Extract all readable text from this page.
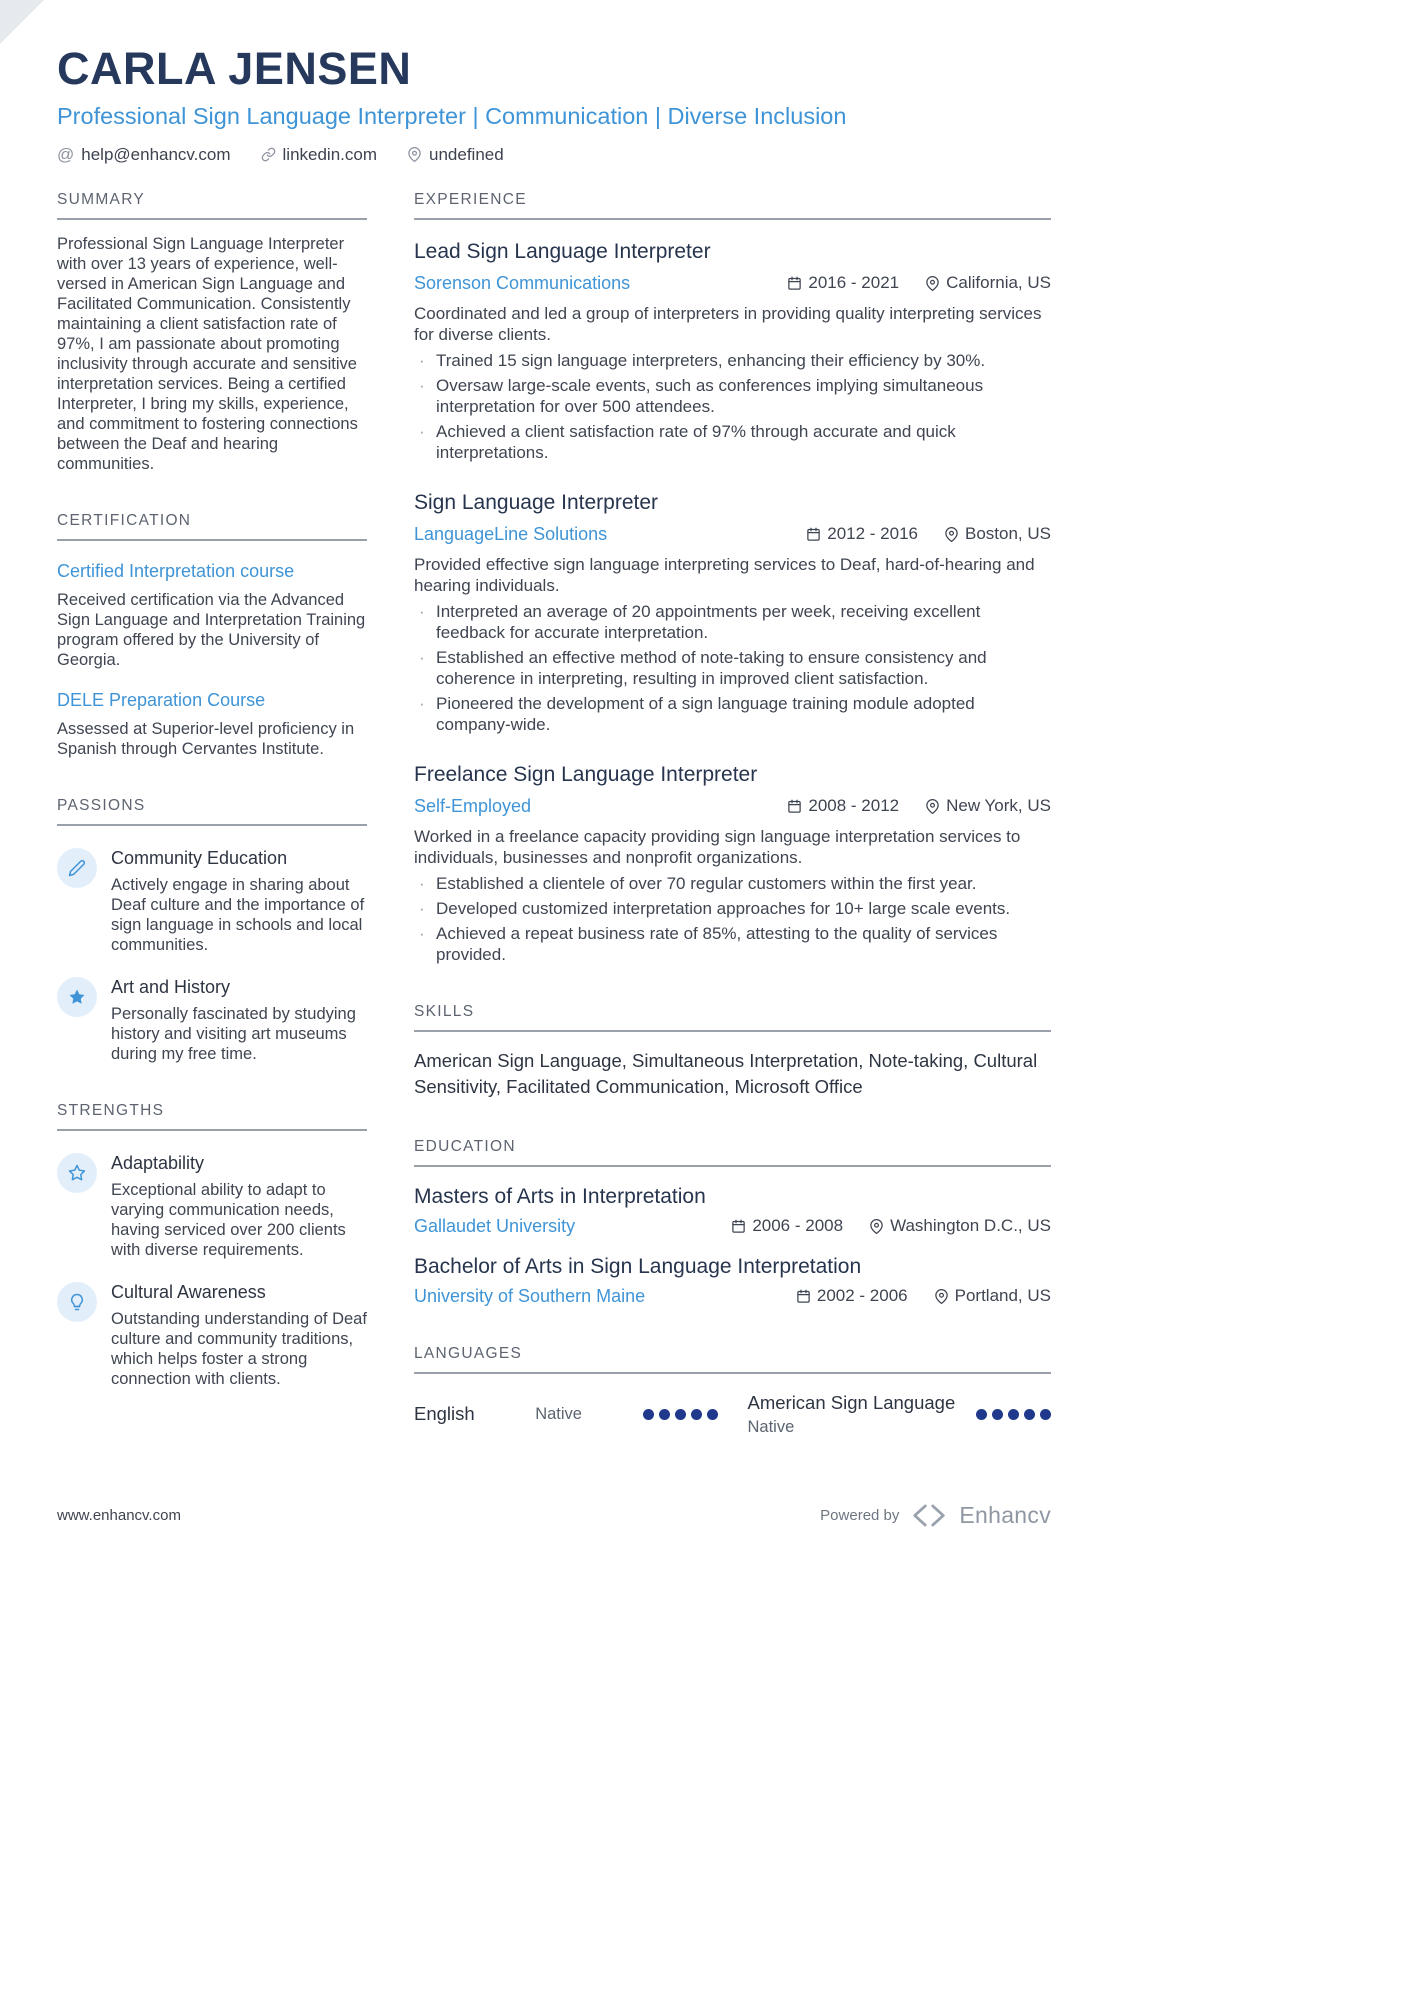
CARLA JENSEN
Professional Sign Language Interpreter | Communication | Diverse Inclusion
@ help@enhancv.com	linkedin.com	undefined
SUMMARY

Professional Sign Language Interpreter with over 13 years of experience, well-versed in American Sign Language and Facilitated Communication. Consistently maintaining a client satisfaction rate of 97%, I am passionate about promoting inclusivity through accurate and sensitive interpretation services. Being a certified Interpreter, I bring my skills, experience, and commitment to fostering connections between the Deaf and hearing communities.

CERTIFICATION
Certified Interpretation course

Received certification via the Advanced Sign Language and Interpretation Training program offered by the University of Georgia.

DELE Preparation Course

Assessed at Superior-level proficiency in Spanish through Cervantes Institute.

PASSIONS
Community Education

Actively engage in sharing about Deaf culture and the importance of sign language in schools and local communities.

Art and History

Personally fascinated by studying history and visiting art museums during my free time.

STRENGTHS
Adaptability

Exceptional ability to adapt to varying communication needs, having serviced over 200 clients with diverse requirements.

Cultural Awareness

Outstanding understanding of Deaf culture and community traditions, which helps foster a strong connection with clients.

EXPERIENCE
Lead Sign Language Interpreter
Sorenson Communications	2016 - 2021	California, US

Coordinated and led a group of interpreters in providing quality interpreting services for diverse clients.

· Trained 15 sign language interpreters, enhancing their efficiency by 30%.
· Oversaw large-scale events, such as conferences implying simultaneous interpretation for over 500 attendees.
· Achieved a client satisfaction rate of 97% through accurate and quick interpretations.
Sign Language Interpreter
LanguageLine Solutions	2012 - 2016	Boston, US

Provided effective sign language interpreting services to Deaf, hard-of-hearing and hearing individuals.

· Interpreted an average of 20 appointments per week, receiving excellent feedback for accurate interpretation.
· Established an effective method of note-taking to ensure consistency and coherence in interpreting, resulting in improved client satisfaction.
· Pioneered the development of a sign language training module adopted company-wide.
Freelance Sign Language Interpreter
Self-Employed	2008 - 2012	New York, US

Worked in a freelance capacity providing sign language interpretation services to individuals, businesses and nonprofit organizations.

· Established a clientele of over 70 regular customers within the first year.
· Developed customized interpretation approaches for 10+ large scale events.
· Achieved a repeat business rate of 85%, attesting to the quality of services provided.
SKILLS

American Sign Language, Simultaneous Interpretation, Note-taking, Cultural Sensitivity, Facilitated Communication, Microsoft Office

EDUCATION
Masters of Arts in Interpretation
Gallaudet University	2006 - 2008	Washington D.C., US
Bachelor of Arts in Sign Language Interpretation
University of Southern Maine	2002 - 2006	Portland, US
LANGUAGES
English	Native
American Sign Language
Native
www.enhancv.com	Powered by	Enhancv
